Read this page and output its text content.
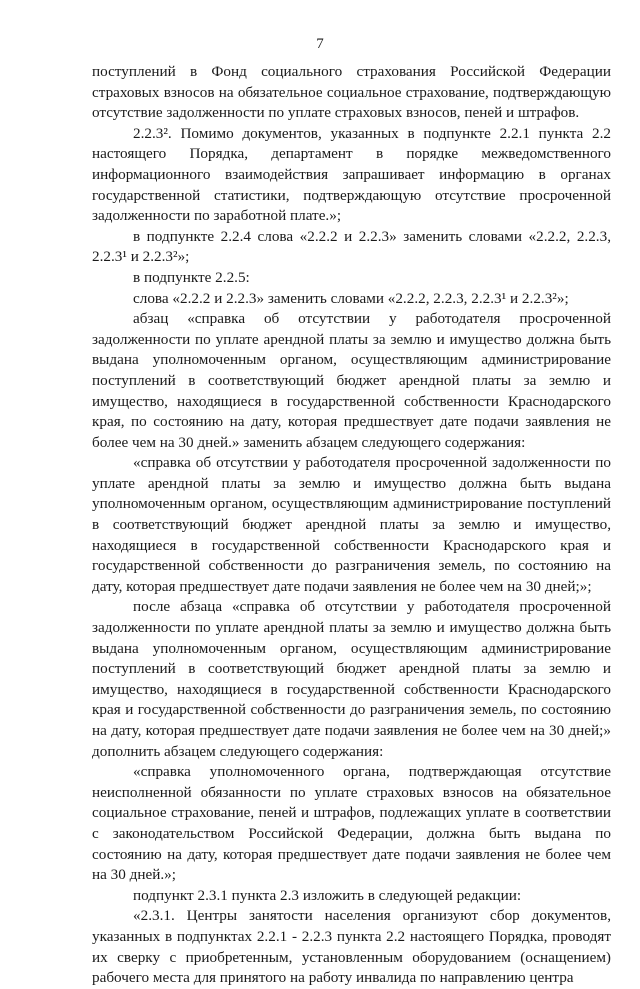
7

поступлений в Фонд социального страхования Российской Федерации страховых взносов на обязательное социальное страхование, подтверждающую отсутствие задолженности по уплате страховых взносов, пеней и штрафов.

2.2.3². Помимо документов, указанных в подпункте 2.2.1 пункта 2.2 настоящего Порядка, департамент в порядке межведомственного информационного взаимодействия запрашивает информацию в органах государственной статистики, подтверждающую отсутствие просроченной задолженности по заработной плате.»;

в подпункте 2.2.4 слова «2.2.2 и 2.2.3» заменить словами «2.2.2, 2.2.3, 2.2.3¹ и 2.2.3²»;

в подпункте 2.2.5:

слова «2.2.2 и 2.2.3» заменить словами «2.2.2, 2.2.3, 2.2.3¹ и 2.2.3²»;

абзац «справка об отсутствии у работодателя просроченной задолженности по уплате арендной платы за землю и имущество должна быть выдана уполномоченным органом, осуществляющим администрирование поступлений в соответствующий бюджет арендной платы за землю и имущество, находящиеся в государственной собственности Краснодарского края, по состоянию на дату, которая предшествует дате подачи заявления не более чем на 30 дней.» заменить абзацем следующего содержания:

«справка об отсутствии у работодателя просроченной задолженности по уплате арендной платы за землю и имущество должна быть выдана уполномоченным органом, осуществляющим администрирование поступлений в соответствующий бюджет арендной платы за землю и имущество, находящиеся в государственной собственности Краснодарского края и государственной собственности до разграничения земель, по состоянию на дату, которая предшествует дате подачи заявления не более чем на 30 дней;»;

после абзаца «справка об отсутствии у работодателя просроченной задолженности по уплате арендной платы за землю и имущество должна быть выдана уполномоченным органом, осуществляющим администрирование поступлений в соответствующий бюджет арендной платы за землю и имущество, находящиеся в государственной собственности Краснодарского края и государственной собственности до разграничения земель, по состоянию на дату, которая предшествует дате подачи заявления не более чем на 30 дней;» дополнить абзацем следующего содержания:

«справка уполномоченного органа, подтверждающая отсутствие неисполненной обязанности по уплате страховых взносов на обязательное социальное страхование, пеней и штрафов, подлежащих уплате в соответствии с законодательством Российской Федерации, должна быть выдана по состоянию на дату, которая предшествует дате подачи заявления не более чем на 30 дней.»;

подпункт 2.3.1 пункта 2.3 изложить в следующей редакции:

«2.3.1. Центры занятости населения организуют сбор документов, указанных в подпунктах 2.2.1 - 2.2.3 пункта 2.2 настоящего Порядка, проводят их сверку с приобретенным, установленным оборудованием (оснащением) рабочего места для принятого на работу инвалида по направлению центра
